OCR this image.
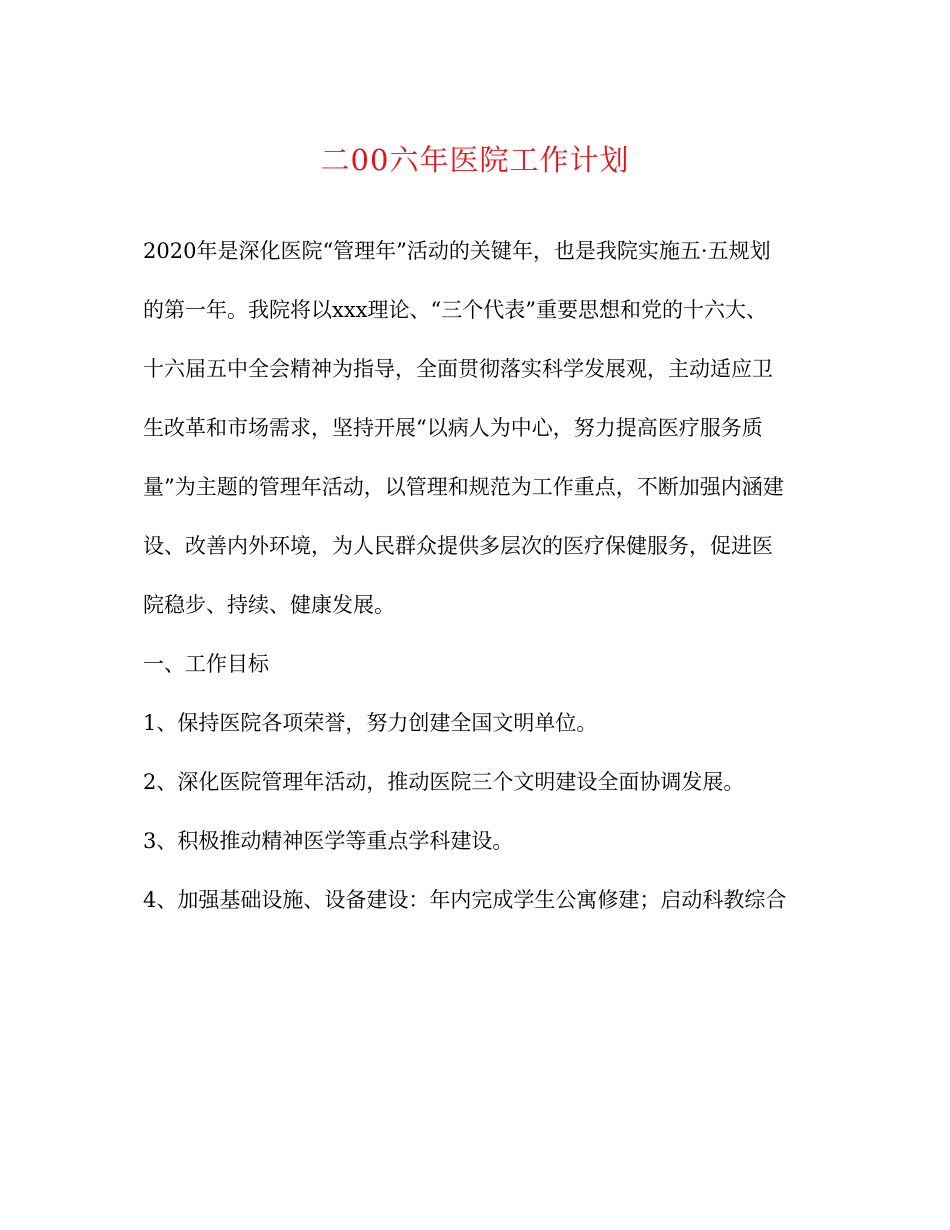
二00六年医院工作计划

2020年是深化医院“管理年”活动的关键年，也是我院实施五·五规划
的第一年。我院将以xxx理论、“三个代表”重要思想和党的十六大、
十六届五中全会精神为指导，全面贯彻落实科学发展观，主动适应卫
生改革和市场需求，坚持开展“以病人为中心，努力提高医疗服务质
量”为主题的管理年活动，以管理和规范为工作重点，不断加强内涵建
设、改善内外环境，为人民群众提供多层次的医疗保健服务，促进医
院稳步、持续、健康发展。

一、工作目标

1、保持医院各项荣誉，努力创建全国文明单位。

2、深化医院管理年活动，推动医院三个文明建设全面协调发展。

3、积极推动精神医学等重点学科建设。

4、加强基础设施、设备建设：年内完成学生公寓修建；启动科教综合
